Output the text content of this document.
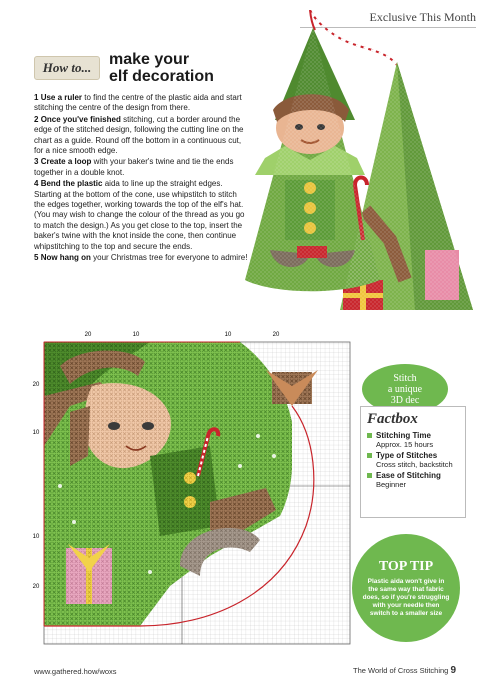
Exclusive This Month
How to...	make your
elf decoration

1 Use a ruler to find the centre of the plastic aida and start stitching the centre of the design from there.

2 Once you've finished stitching, cut a border around the edge of the stitched design, following the cutting line on the chart as a guide. Round off the bottom in a continuous cut, for a nice smooth edge.

3 Create a loop with your baker's twine and tie the ends together in a double knot.

4 Bend the plastic aida to line up the straight edges. Starting at the bottom of the cone, use whipstitch to stitch the edges together, working towards the top of the elf's hat. (You may wish to change the colour of the thread as you go to match the design.) As you get close to the top, insert the baker's twine with the knot inside the cone, then continue whipstitching to the top and secure the ends.

5 Now hang on your Christmas tree for everyone to admire!

20	10	10	20
20
10
10
20
Stitch
a unique
3D dec
Factbox
Stitching Time
Approx. 15 hours
Type of Stitches
Cross stitch, backstitch
Ease of Stitching
Beginner
TOP TIP
Plastic aida won't give in the same way that fabric does, so if you're struggling with your needle then switch to a smaller size
www.gathered.how/woxs	The World of Cross Stitching 9
